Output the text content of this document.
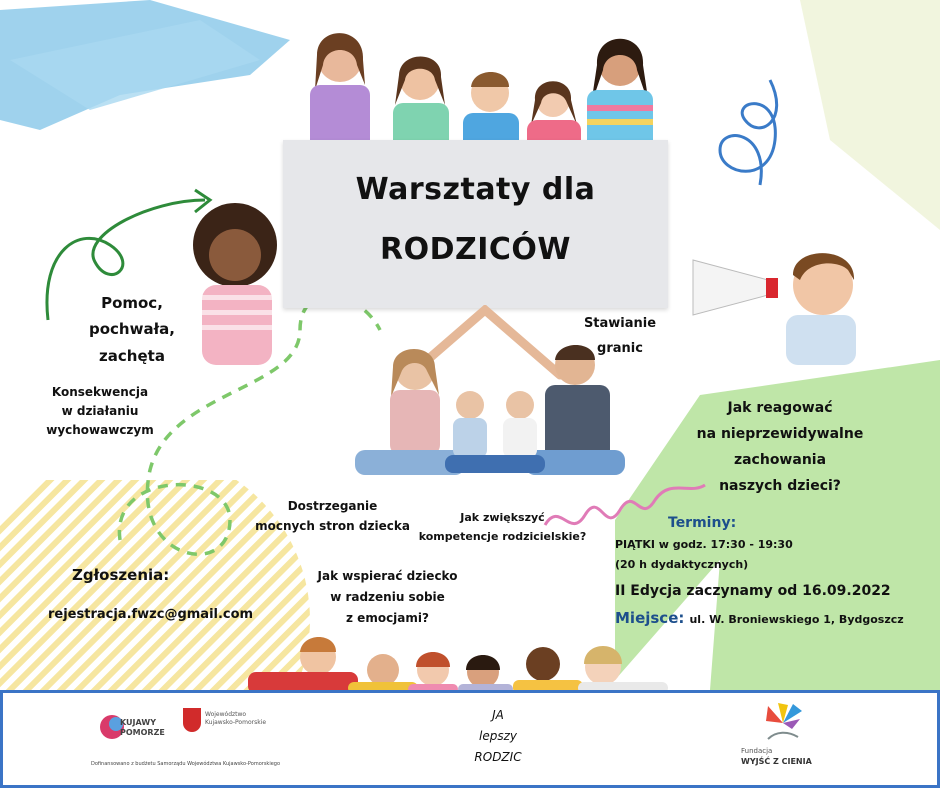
Warsztaty dla
RODZICÓW
Pomoc,
pochwała,
zachęta
Konsekwencja
w działaniu
wychowawczym
Stawianie
granic
Jak reagować
na nieprzewidywalne
zachowania
naszych dzieci?
Dostrzeganie
mocnych stron dziecka
Jak zwiększyć
kompetencje rodzicielskie?
Jak wspierać dziecko
w radzeniu sobie
z emocjami?
Zgłoszenia:
rejestracja.fwzc@gmail.com
Terminy:
PIĄTKI w godz. 17:30 - 19:30
(20 h dydaktycznych)
II Edycja zaczynamy od 16.09.2022
Miejsce: ul. W. Broniewskiego 1, Bydgoszcz
KUJAWY
POMORZE
Województwo
Kujawsko-Pomorskie
Dofinansowano z budżetu Samorządu Województwa Kujawsko-Pomorskiego
JA
lepszy
RODZIC	Fundacja
WYJŚĆ Z CIENIA
